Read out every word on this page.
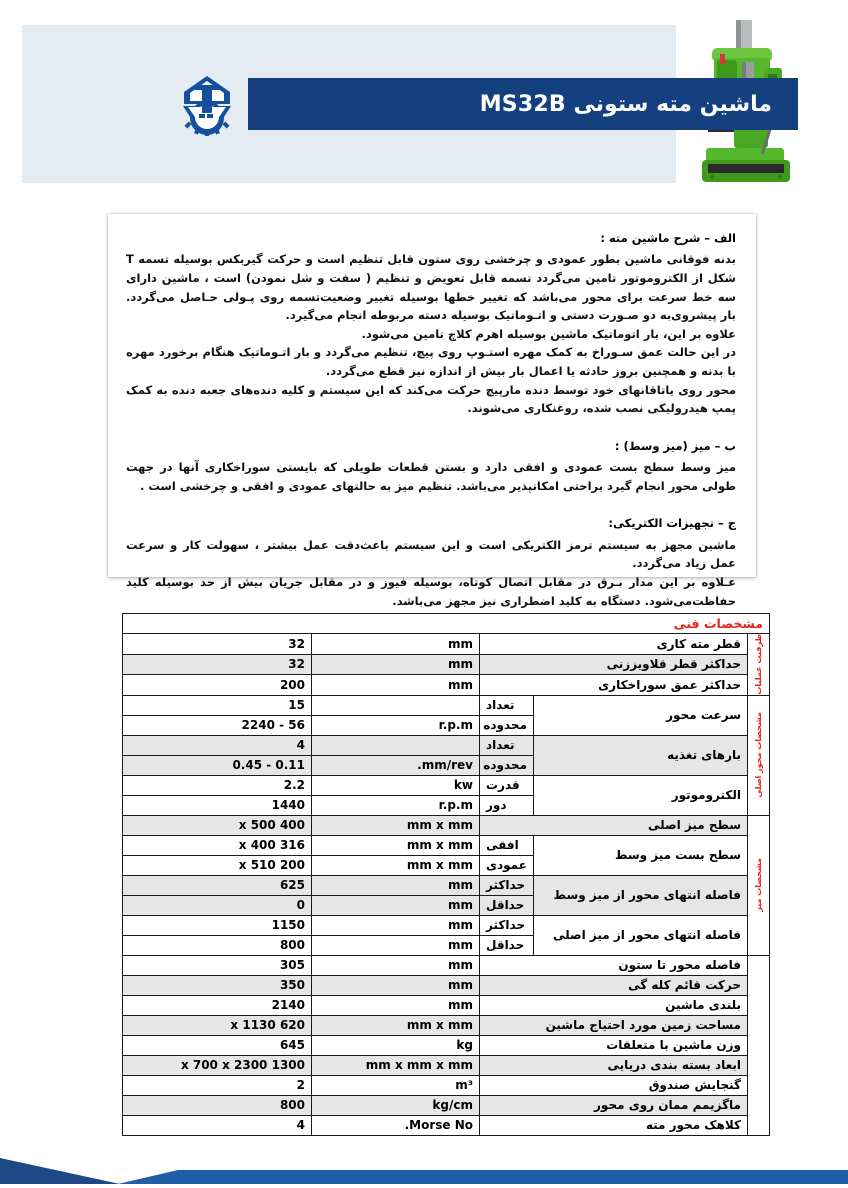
ماشین مته ستونی MS32B

الف – شرح ماشین مته :

بدنه فوقانی ماشین بطور عمودی و چرخشی روی ستون قابل تنظیم است و حرکت گیربکس بوسیله تسمه T شکل از الکتروموتور تامین می‌گردد تسمه قابل تعویض و تنظیم ( سفت و شل نمودن) است ، ماشین دارای سه خط سرعت برای محور می‌باشد که تغییر خطها بوسیله تغییر وضعیت‌تسمه روی پـولی حـاصل می‌گردد. بار پیشروی‌به دو صـورت دستی و اتـوماتیک بوسیله دسته مربوطه انجام می‌گیرد.

علاوه بر این، بار اتوماتیک ماشین بوسیله اهرم کلاچ تامین می‌شود.

در این حالت عمق سـوراخ به کمک مهره استـوپ روی پیچ، تنظیم می‌گردد و بار اتـوماتیک هنگام برخورد مهره با بدنه و همچنین بروز حادثه یا اعمال بار بیش از اندازه نیز قطع می‌گردد.

محور روی یاتاقانهای خود توسط دنده مارپیچ حرکت می‌کند که این سیستم و کلیه دنده‌های جعبه دنده به کمک پمپ هیدرولیکی نصب شده، روغنکاری می‌شوند.

ب – میز (میز وسط) :

میز وسط سطح بست عمودی و افقی دارد و بستن قطعات طویلی که بایستی سوراخکاری آنها در جهت طولی محور انجام گیرد براحتی امکانپذیر می‌باشد. تنظیم میز به حالتهای عمودی و افقی و چرخشی است .

ج – تجهیزات الکتریکی:

ماشین مجهز به سیستم ترمز الکتریکی است و این سیستم باعث‌دقت عمل بیشتر ، سهولت کار و سرعت عمل زیاد می‌گردد.

عـلاوه بر این مدار بـرق در مقابل اتصال کوتاه، بوسیله فیوز و در مقابل جریان بیش از حد بوسیله کلید حفاظت‌می‌شود. دستگاه به کلید اضطراری نیز مجهز می‌باشد.

مشخصات فنی				

ظرفیت عملیات	قطر مته کاری		mm	32
	حداکثر قطر قلاویززنی		mm	32
	حداکثر عمق سوراخکاری		mm	200

مشخصات محور اصلی	سرعت محور	تعداد		15
		محدوده	r.p.m	56 - 2240
	بارهای تغذیه	تعداد		4
		محدوده	mm/rev.	0.11 - 0.45
	الکتروموتور	قدرت	kw	2.2
		دور	r.p.m	1440

مشخصات میز	سطح میز اصلی		mm x mm	400 x 500
	سطح بست میز وسط	افقی	mm x mm	316 x 400
		عمودی	mm x mm	200 x 510
	فاصله انتهای محور از میز وسط	حداکثر	mm	625
		حداقل	mm	0
	فاصله انتهای محور از میز اصلی	حداکثر	mm	1150
		حداقل	mm	800
	فاصله محور تا ستون		mm	305
	حرکت قائم کله گی		mm	350
	بلندی ماشین		mm	2140
	مساحت زمین مورد احتیاج ماشین		mm x mm	620 x 1130
	وزن ماشین با متعلقات		kg	645
	ابعاد بسته بندی دریایی		mm x mm x mm	1300 x 700 x 2300
	گنجایش صندوق		m³	2
	ماگزیمم ممان روی محور		kg/cm	800
	کلاهک محور مته		Morse No.	4
